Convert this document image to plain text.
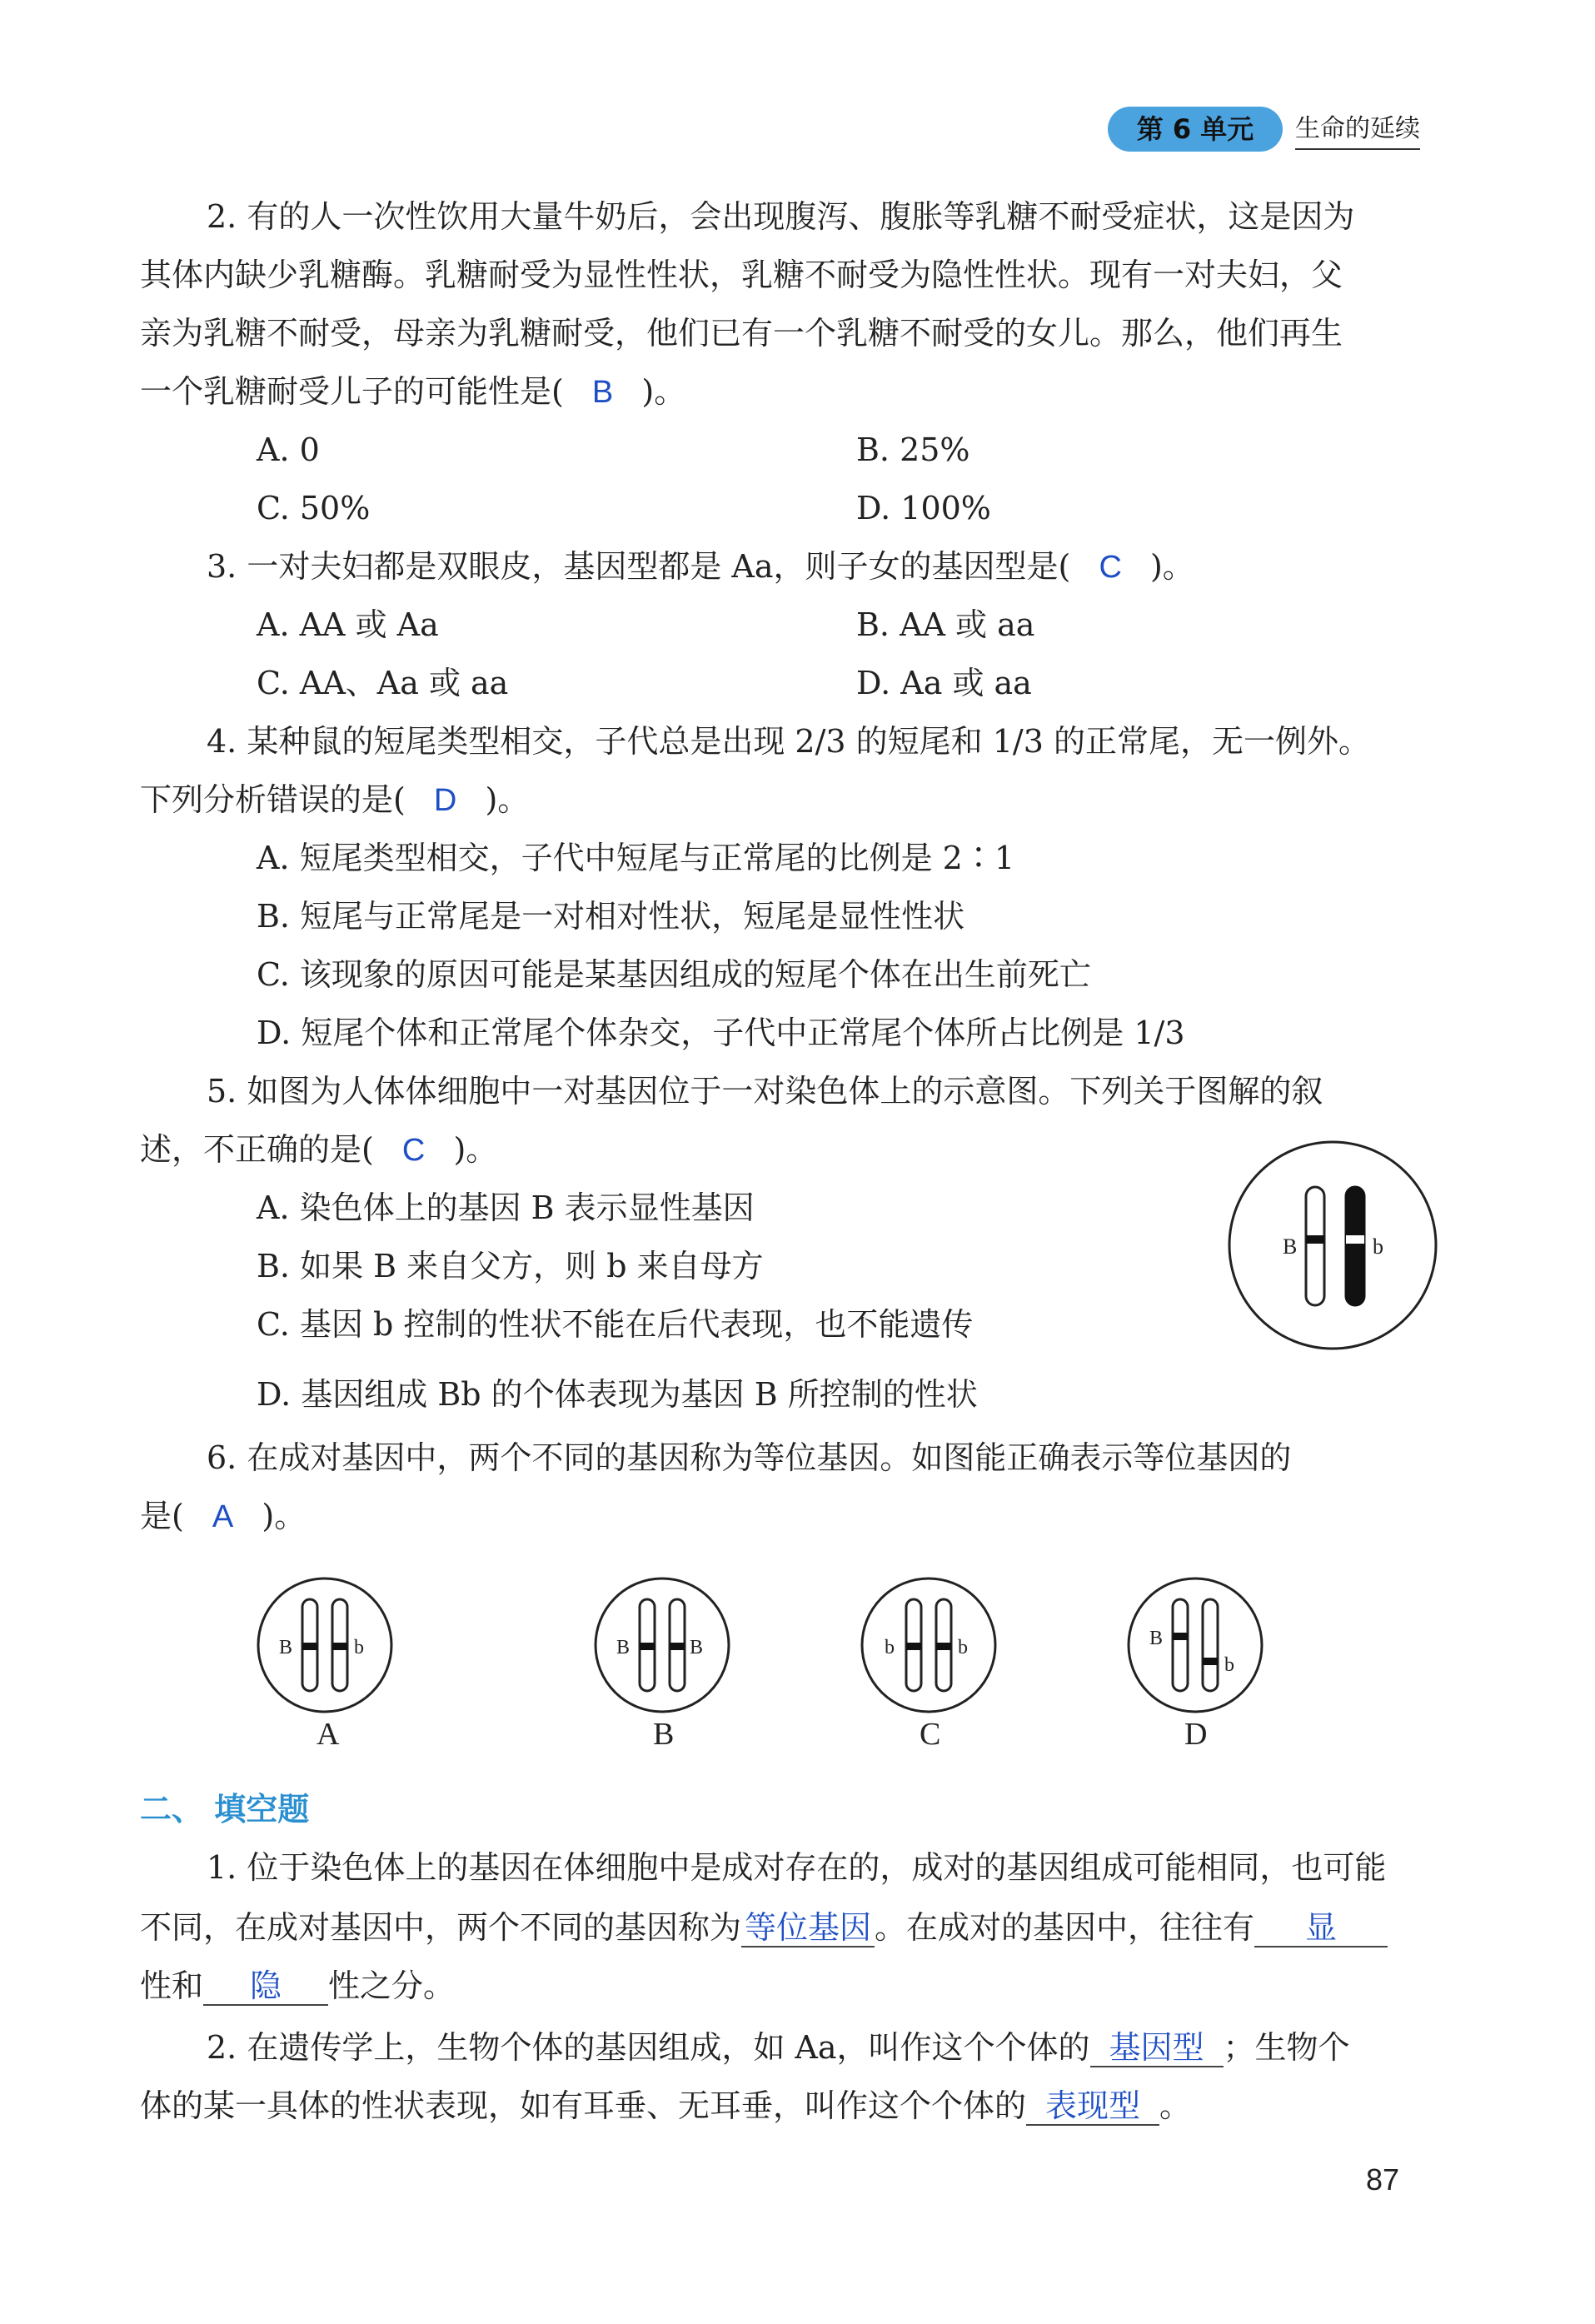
第 6 单元	生命的延续
2. 有的人一次性饮用大量牛奶后，会出现腹泻、腹胀等乳糖不耐受症状，这是因为
其体内缺少乳糖酶。乳糖耐受为显性性状，乳糖不耐受为隐性性状。现有一对夫妇，父
亲为乳糖不耐受，母亲为乳糖耐受，他们已有一个乳糖不耐受的女儿。那么，他们再生
一个乳糖耐受儿子的可能性是( B )。
A. 0	B. 25%
C. 50%	D. 100%
3. 一对夫妇都是双眼皮，基因型都是 Aa，则子女的基因型是( C )。
A. AA 或 Aa	B. AA 或 aa
C. AA、Aa 或 aa	D. Aa 或 aa
4. 某种鼠的短尾类型相交，子代总是出现 2/3 的短尾和 1/3 的正常尾，无一例外。
下列分析错误的是( D )。
A. 短尾类型相交，子代中短尾与正常尾的比例是 2∶1
B. 短尾与正常尾是一对相对性状，短尾是显性性状
C. 该现象的原因可能是某基因组成的短尾个体在出生前死亡
D. 短尾个体和正常尾个体杂交，子代中正常尾个体所占比例是 1/3
5. 如图为人体体细胞中一对基因位于一对染色体上的示意图。下列关于图解的叙
述，不正确的是( C )。
A. 染色体上的基因 B 表示显性基因
B. 如果 B 来自父方，则 b 来自母方
C. 基因 b 控制的性状不能在后代表现，也不能遗传
D. 基因组成 Bb 的个体表现为基因 B 所控制的性状
B	b
6. 在成对基因中，两个不同的基因称为等位基因。如图能正确表示等位基因的
是( A )。
B	b	B	B	b	b	B
b
A	B	C	D
二、 填空题
1. 位于染色体上的基因在体细胞中是成对存在的，成对的基因组成可能相同，也可能
不同，在成对基因中，两个不同的基因称为 等位基因 。在成对的基因中，往往有 显
性和 隐 性之分。
2. 在遗传学上，生物个体的基因组成，如 Aa，叫作这个个体的 基因型 ；生物个
体的某一具体的性状表现，如有耳垂、无耳垂，叫作这个个体的 表现型 。
87
